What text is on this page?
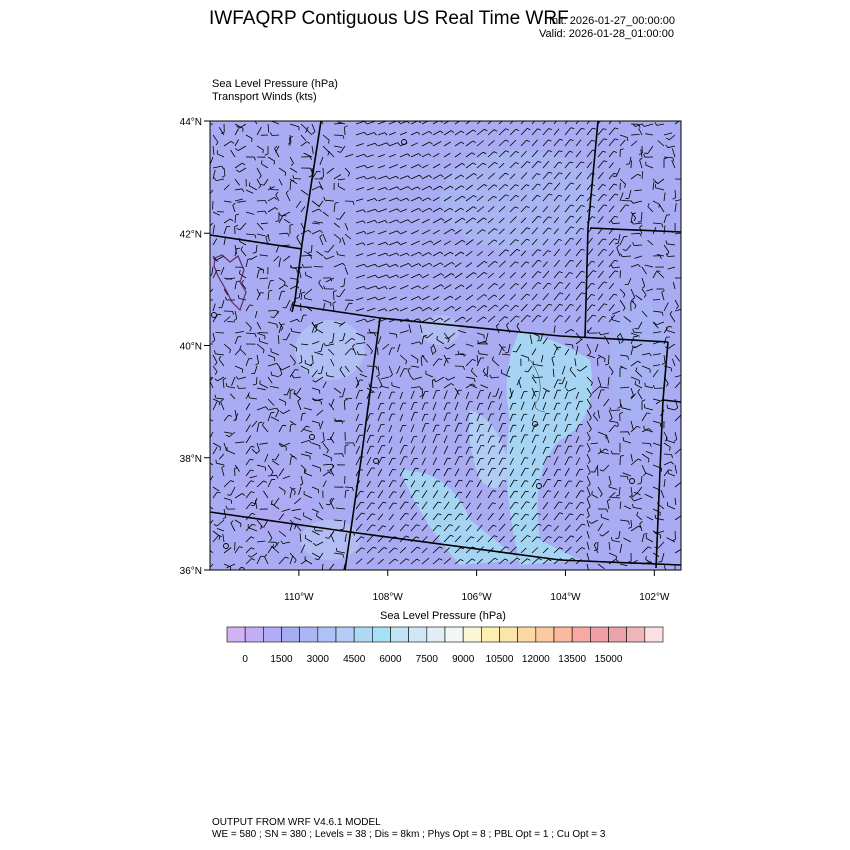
IWFAQRP Contiguous US Real Time WRF
Init: 2026-01-27_00:00:00
Valid: 2026-01-28_01:00:00
Sea Level Pressure (hPa)
Transport Winds (kts)
44°N
42°N
40°N
38°N
36°N
110°W	108°W	106°W	104°W	102°W
0 1500 3000 4500 6000 7500 9000 10500 12000 13500 15000
Sea Level Pressure (hPa)
OUTPUT FROM WRF V4.6.1 MODEL
WE = 580 ; SN = 380 ; Levels = 38 ; Dis = 8km ; Phys Opt = 8 ; PBL Opt = 1 ; Cu Opt = 3
